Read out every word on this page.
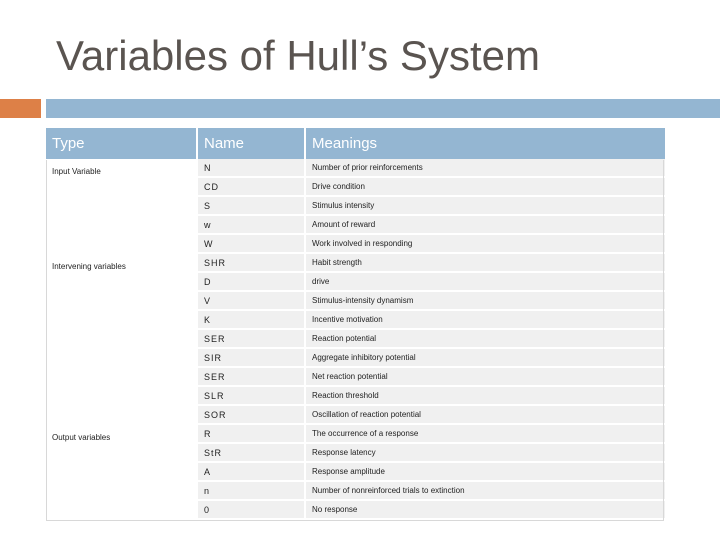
Variables of Hull’s System
Type	Name	Meanings
Input Variable	N	Number of prior reinforcements
	CD	Drive condition
	S	Stimulus intensity
	w	Amount of reward
	W	Work involved in responding
Intervening variables	SHR	Habit strength
	D	drive
	V	Stimulus-intensity dynamism
	K	Incentive motivation
	SER	Reaction potential
	SIR	Aggregate inhibitory potential
	SER	Net reaction potential
	SLR	Reaction threshold
	SOR	Oscillation of reaction potential
Output variables	R	The occurrence of a response
	StR	Response latency
	A	Response amplitude
	n	Number of nonreinforced trials to extinction
	0	No response
